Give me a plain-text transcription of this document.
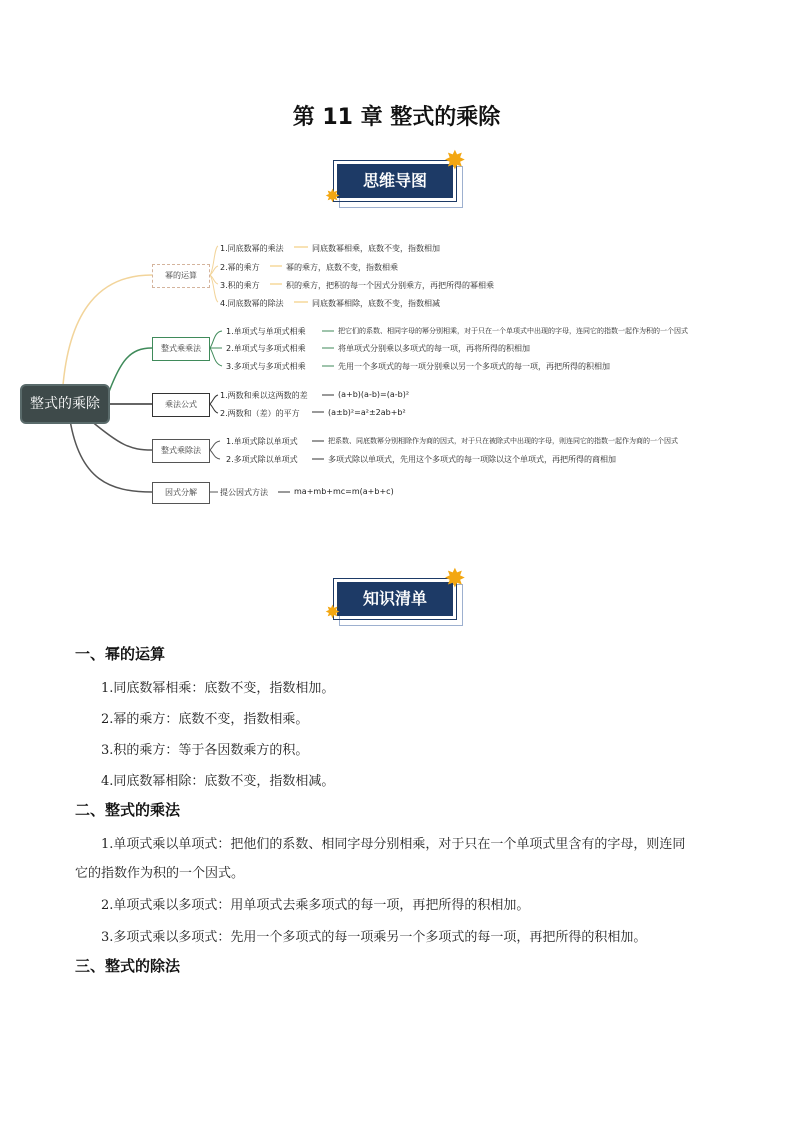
第 11 章 整式的乘除
思维导图
✸
✸
整式的乘除
幂的运算
整式乘乘法
乘法公式
整式乘除法
因式分解
1.同底数幂的乘法	同底数幂相乘，底数不变，指数相加
2.幂的乘方	幂的乘方，底数不变，指数相乘
3.积的乘方	积的乘方，把积的每一个因式分别乘方，再把所得的幂相乘
4.同底数幂的除法	同底数幂相除，底数不变，指数相减
1.单项式与单项式相乘	把它们的系数、相同字母的幂分别相乘，对于只在一个单项式中出现的字母，连同它的指数一起作为积的一个因式
2.单项式与多项式相乘	将单项式分别乘以多项式的每一项，再将所得的积相加
3.多项式与多项式相乘	先用一个多项式的每一项分别乘以另一个多项式的每一项，再把所得的积相加
1.两数和乘以这两数的差	(a+b)(a-b)=(a-b)²
2.两数和（差）的平方	(a±b)²=a²±2ab+b²
1.单项式除以单项式	把系数、同底数幂分别相除作为商的因式，对于只在被除式中出现的字母，则连同它的指数一起作为商的一个因式
2.多项式除以单项式	多项式除以单项式，先用这个多项式的每一项除以这个单项式，再把所得的商相加
提公因式方法	ma+mb+mc=m(a+b+c)
知识清单
✸
✸
一、幂的运算
1.同底数幂相乘：底数不变，指数相加。
2.幂的乘方：底数不变，指数相乘。
3.积的乘方：等于各因数乘方的积。
4.同底数幂相除：底数不变，指数相减。
二、整式的乘法
1.单项式乘以单项式：把他们的系数、相同字母分别相乘，对于只在一个单项式里含有的字母，则连同
它的指数作为积的一个因式。
2.单项式乘以多项式：用单项式去乘多项式的每一项，再把所得的积相加。
3.多项式乘以多项式：先用一个多项式的每一项乘另一个多项式的每一项，再把所得的积相加。
三、整式的除法
